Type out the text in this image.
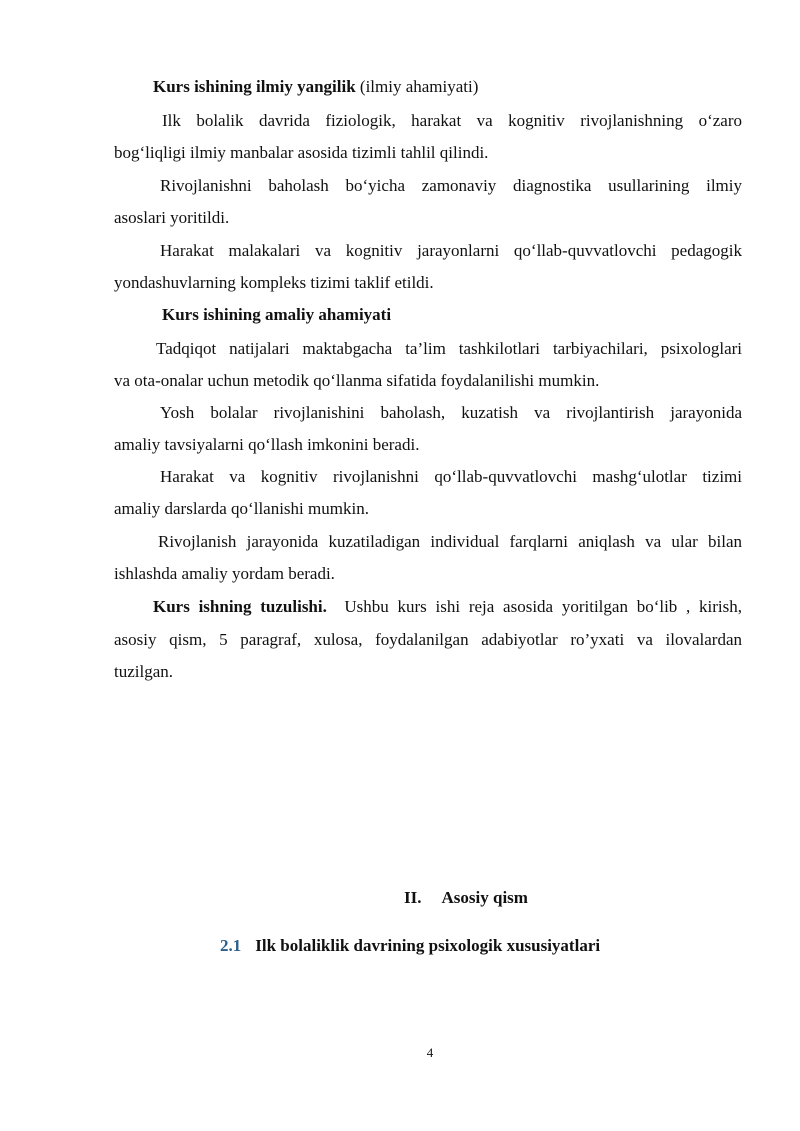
Kurs ishining ilmiy yangilik (ilmiy ahamiyati)
Ilk bolalik davrida fiziologik, harakat va kognitiv rivojlanishning o‘zaro
bog‘liqligi ilmiy manbalar asosida tizimli tahlil qilindi.
Rivojlanishni baholash bo‘yicha zamonaviy diagnostika usullarining ilmiy
asoslari yoritildi.
Harakat malakalari va kognitiv jarayonlarni qo‘llab-quvvatlovchi pedagogik
yondashuvlarning kompleks tizimi taklif etildi.
Kurs ishining amaliy ahamiyati
Tadqiqot natijalari maktabgacha ta’lim tashkilotlari tarbiyachilari, psixologlari
va ota-onalar uchun metodik qo‘llanma sifatida foydalanilishi mumkin.
Yosh bolalar rivojlanishini baholash, kuzatish va rivojlantirish jarayonida
amaliy tavsiyalarni qo‘llash imkonini beradi.
Harakat va kognitiv rivojlanishni qo‘llab-quvvatlovchi mashg‘ulotlar tizimi
amaliy darslarda qo‘llanishi mumkin.
Rivojlanish jarayonida kuzatiladigan individual farqlarni aniqlash va ular bilan
ishlashda amaliy yordam beradi.
Kurs ishning tuzulishi. Ushbu kurs ishi reja asosida yoritilgan bo‘lib , kirish,
asosiy qism, 5 paragraf, xulosa, foydalanilgan adabiyotlar ro’yxati va ilovalardan
tuzilgan.
II. Asosiy qism
2.1 Ilk bolaliklik davrining psixologik xususiyatlari
4
